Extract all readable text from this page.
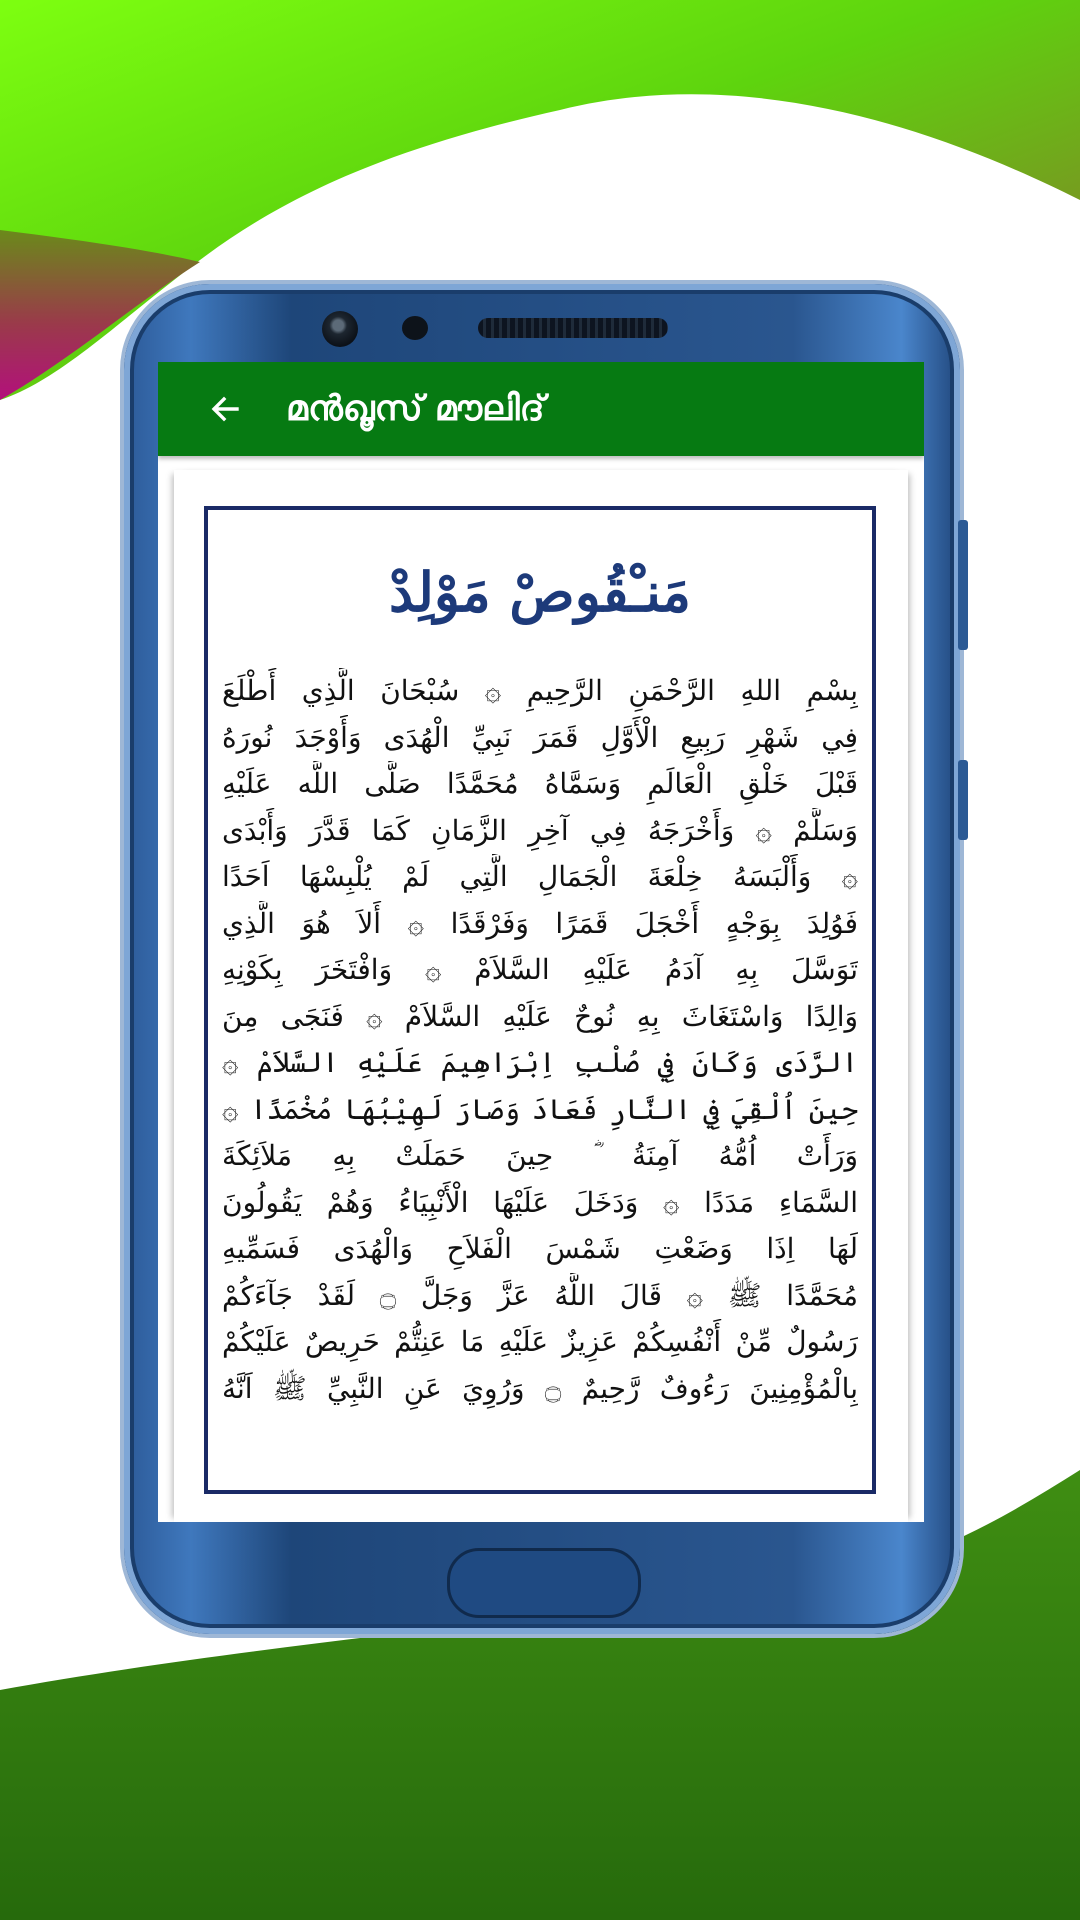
മൻഖൂസ് മൗലിദ്
مَنـْقُوصْ مَوْلِدْ
بِسْمِ اللهِ الرَّحْمَنِ الرَّحِيمِ ۞ سُبْحَانَ الَّذِي أَطْلَعَ
فِي شَهْرِ رَبِيعِ الْأَوَّلِ قَمَرَ نَبِيِّ الْهُدَى وَأَوْجَدَ نُورَهُ
قَبْلَ خَلْقِ الْعَالَمِ وَسَمَّاهُ مُحَمَّدًا صَلَّى اللَّه عَلَيْهِ
وَسَلَّمْ ۞ وَأَخْرَجَهُ فِي آخِرِ الزَّمَانِ كَمَا قَدَّرَ وَأَبْدَى
۞ وَأَلْبَسَهُ خِلْعَةَ الْجَمَالِ الَّتِي لَمْ يُلْبِسْهَا اَحَدًا
فَوُلِدَ بِوَجْهٍ أَخْجَلَ قَمَرًا وَفَرْقَدًا ۞ أَلاَ هُوَ الَّذِي
تَوَسَّلَ بِهِ آدَمُ عَلَيْهِ السَّلاَمْ ۞ وَافْتَخَرَ بِكَوْنِهِ
وَالِدًا وَاسْتَغَاثَ بِهِ نُوحٌ عَلَيْهِ السَّلاَمْ ۞ فَنَجَى مِنَ
الرَّدَى وَكَانَ فِي صُلْبِ اِبْرَاهِيمَ عَلَيْهِ السَّلاَمْ ۞
حِينَ اُلْقِيَ فِي النَّارِ فَعَادَ وَصَارَ لَهِيْبُهَا مُخْمَدًا ۞
وَرَأَتْ اُمُّهُ آمِنَةُ ؓ حِينَ حَمَلَتْ بِهِ مَلاَئِكَةَ
السَّمَاءِ مَدَدًا ۞ وَدَخَلَ عَلَيْهَا الْأَنْبِيَاءُ وَهُمْ يَقُولُونَ
لَهَا اِذَا وَضَعْتِ شَمْسَ الْفَلاَحِ وَالْهُدَى فَسَمِّيهِ
مُحَمَّدًا ﷺ ۞ قَالَ اللَّهُ عَزَّ وَجَلَّ ۝ لَقَدْ جَآءَكُمْ
رَسُولٌ مِّنْ أَنْفُسِكُمْ عَزِيزٌ عَلَيْهِ مَا عَنِتُّمْ حَرِيصٌ عَلَيْكُمْ
بِالْمُؤْمِنِينَ رَءُوفٌ رَّحِيمٌ ۝ وَرُوِيَ عَنِ النَّبِيِّ ﷺ اَنَّهُ
